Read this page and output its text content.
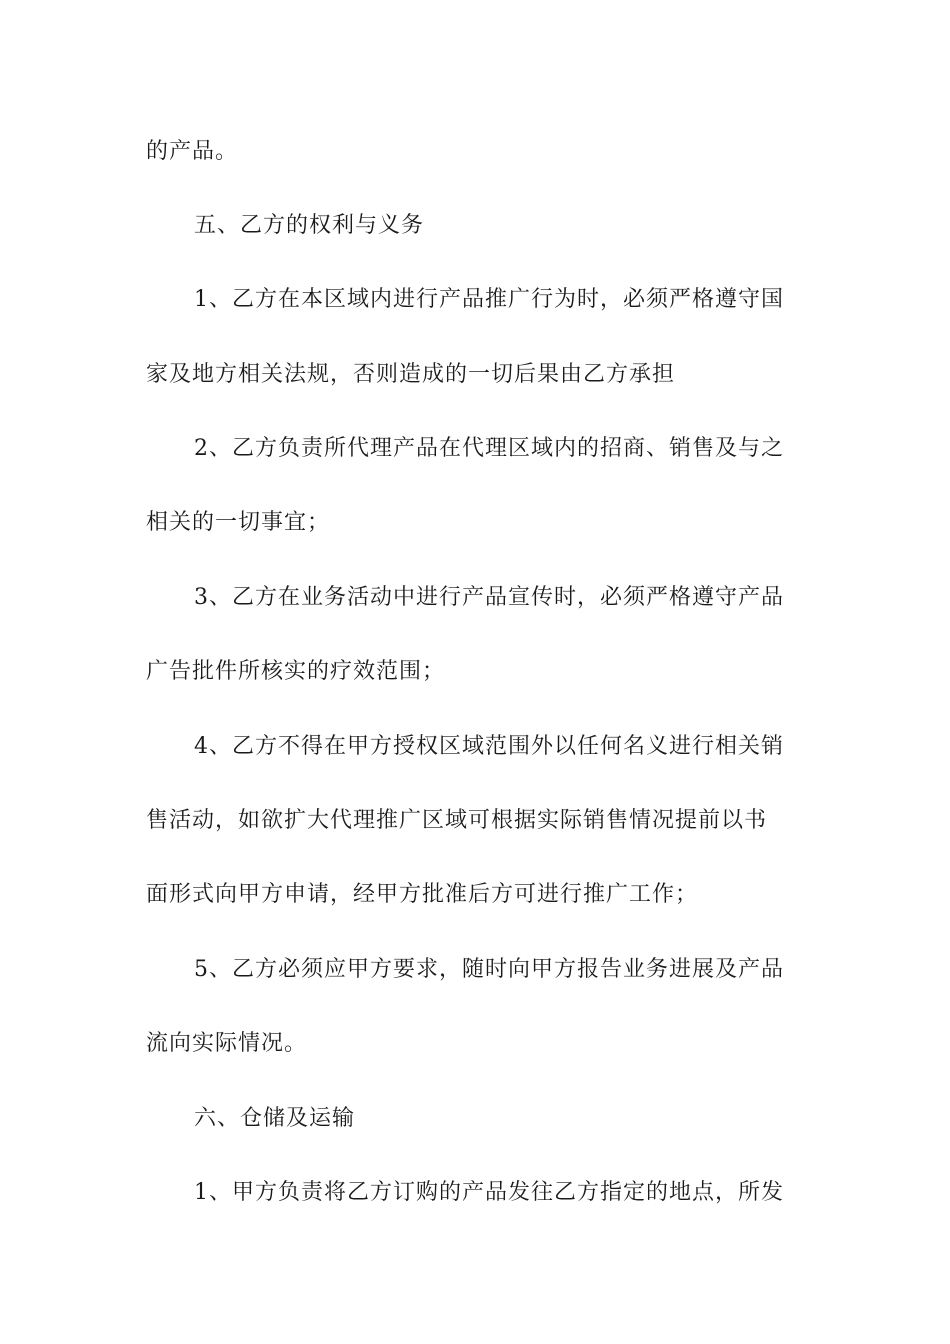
的产品。
五、乙方的权利与义务
1、乙方在本区域内进行产品推广行为时，必须严格遵守国
家及地方相关法规，否则造成的一切后果由乙方承担
2、乙方负责所代理产品在代理区域内的招商、销售及与之
相关的一切事宜；
3、乙方在业务活动中进行产品宣传时，必须严格遵守产品
广告批件所核实的疗效范围；
4、乙方不得在甲方授权区域范围外以任何名义进行相关销
售活动，如欲扩大代理推广区域可根据实际销售情况提前以书
面形式向甲方申请，经甲方批准后方可进行推广工作；
5、乙方必须应甲方要求，随时向甲方报告业务进展及产品
流向实际情况。
六、仓储及运输
1、甲方负责将乙方订购的产品发往乙方指定的地点，所发
